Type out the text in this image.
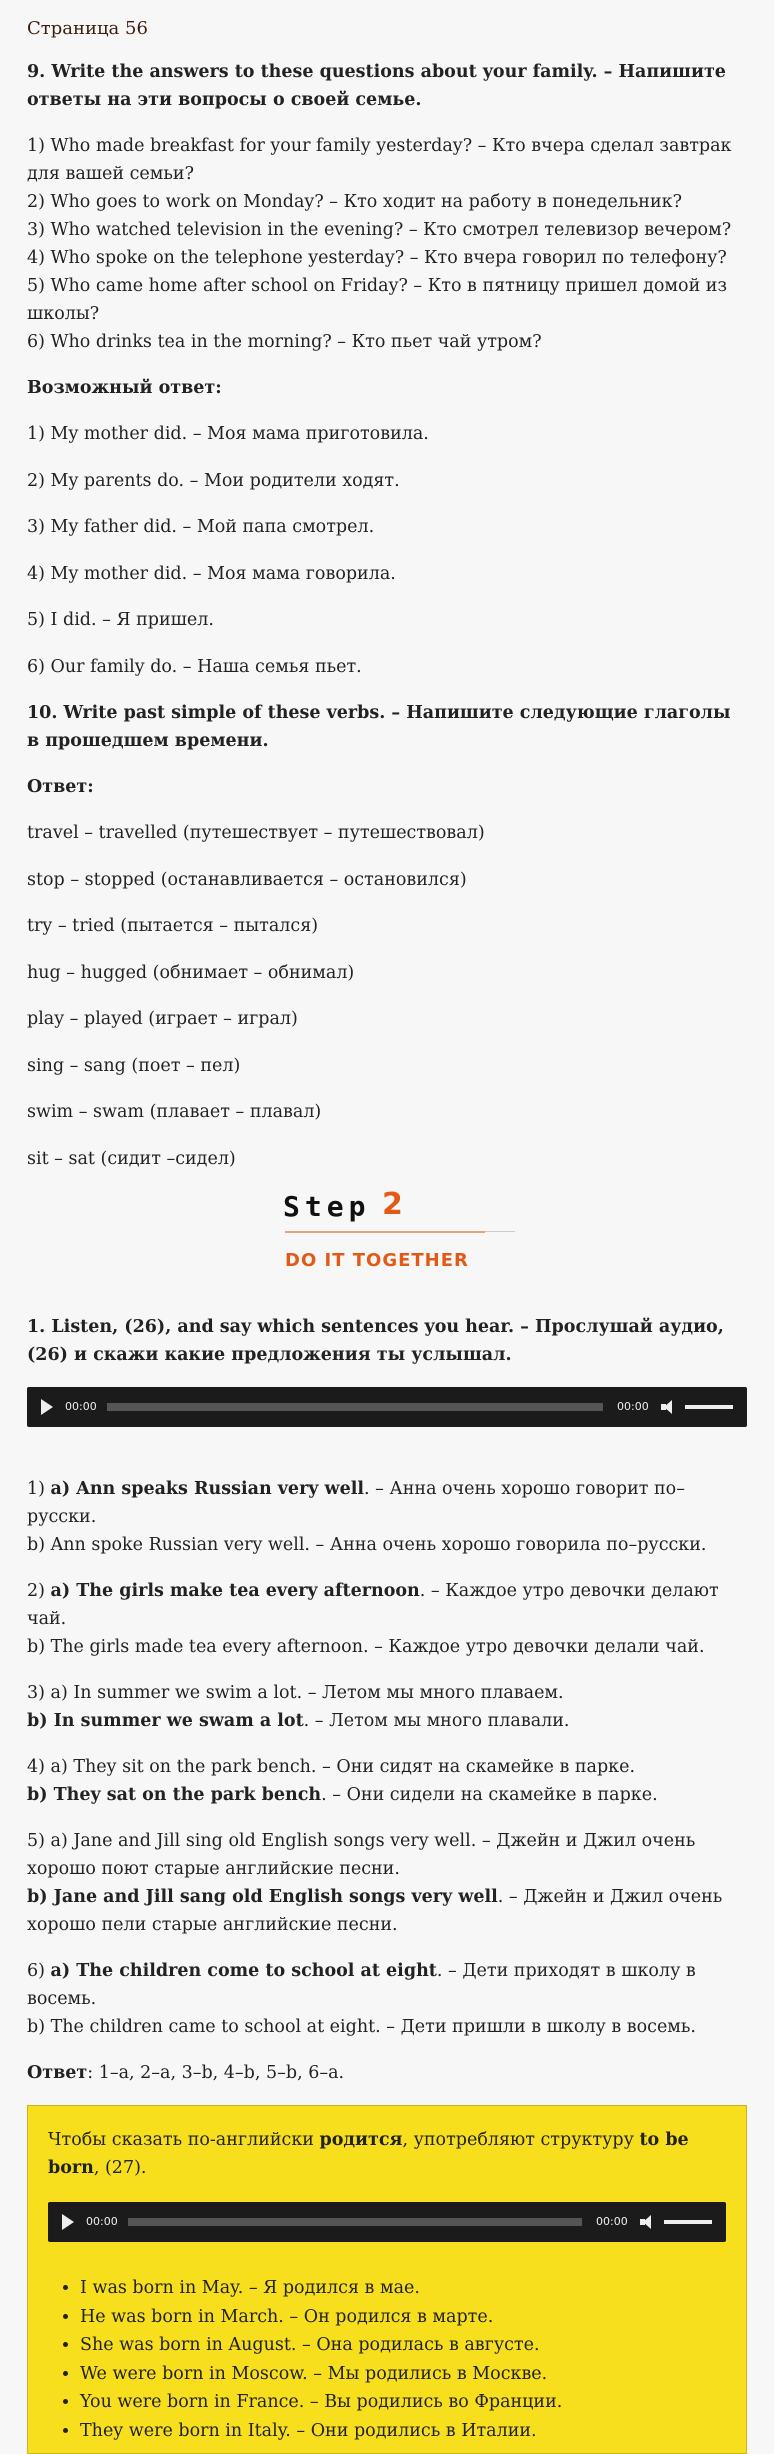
Страница 56

9. Write the answers to these questions about your family. – Напишите ответы на эти вопросы о своей семье.

1) Who made breakfast for your family yesterday? – Кто вчера сделал завтрак для вашей семьи?
2) Who goes to work on Monday? – Кто ходит на работу в понедельник?
3) Who watched television in the evening? – Кто смотрел телевизор вечером?
4) Who spoke on the telephone yesterday? – Кто вчера говорил по телефону?
5) Who came home after school on Friday? – Кто в пятницу пришел домой из школы?
6) Who drinks tea in the morning? – Кто пьет чай утром?

Возможный ответ:

1) My mother did. – Моя мама приготовила.
2) My parents do. – Мои родители ходят.
3) My father did. – Мой папа смотрел.
4) My mother did. – Моя мама говорила.
5) I did. – Я пришел.
6) Our family do. – Наша семья пьет.

10. Write past simple of these verbs. – Напишите следующие глаголы в прошедшем времени.

Ответ:

travel – travelled (путешествует – путешествовал)
stop – stopped (останавливается – остановился)
try – tried (пытается – пытался)
hug – hugged (обнимает – обнимал)
play – played (играет – играл)
sing – sang (поет – пел)
swim – swam (плавает – плавал)
sit – sat (сидит –сидел)
Step 2
DO IT TOGETHER

1. Listen, (26), and say which sentences you hear. – Прослушай аудио, (26) и скажи какие предложения ты услышал.

00:00	00:00

1) a) Ann speaks Russian very well. – Анна очень хорошо говорит по–русски.
b) Ann spoke Russian very well. – Анна очень хорошо говорила по–русски.

2) a) The girls make tea every afternoon. – Каждое утро девочки делают чай.
b) The girls made tea every afternoon. – Каждое утро девочки делали чай.

3) a) In summer we swim a lot. – Летом мы много плаваем.
b) In summer we swam a lot. – Летом мы много плавали.

4) a) They sit on the park bench. – Они сидят на скамейке в парке.
b) They sat on the park bench. – Они сидели на скамейке в парке.

5) a) Jane and Jill sing old English songs very well. – Джейн и Джил очень хорошо поют старые английские песни.
b) Jane and Jill sang old English songs very well. – Джейн и Джил очень хорошо пели старые английские песни.

6) a) The children come to school at eight. – Дети приходят в школу в восемь.
b) The children came to school at eight. – Дети пришли в школу в восемь.

Ответ: 1–a, 2–a, 3–b, 4–b, 5–b, 6–a.

Чтобы сказать по-английски родится, употребляют структуру to be born, (27).

00:00	00:00
• I was born in May. – Я родился в мае.
• He was born in March. – Он родился в марте.
• She was born in August. – Она родилась в августе.
• We were born in Moscow. – Мы родились в Москве.
• You were born in France. – Вы родились во Франции.
• They were born in Italy. – Они родились в Италии.
